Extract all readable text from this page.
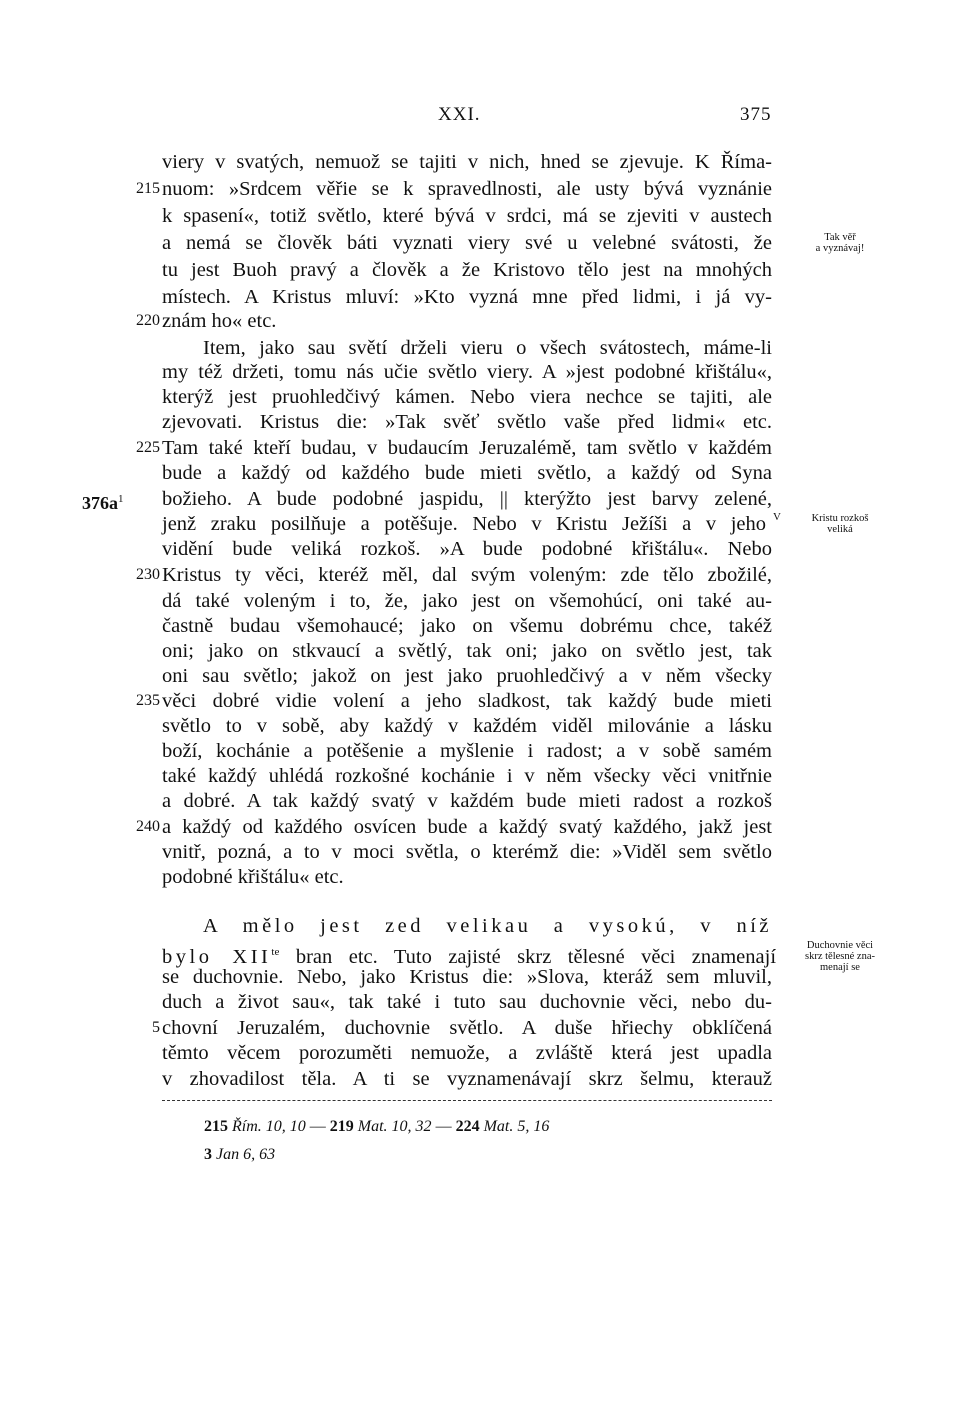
XXI.	375
viery v svatých, nemuož se tajiti v nich, hned se zjevuje. K Říma-
nuom: »Srdcem věřie se k spravedlnosti, ale usty bývá vyznánie
k spasení«, totiž světlo, které bývá v srdci, má se zjeviti v austech
a nemá se člověk báti vyznati viery své u velebné svátosti, že
tu jest Buoh pravý a člověk a že Kristovo tělo jest na mnohých
místech. A Kristus mluví: »Kto vyzná mne před lidmi, i já vy-
znám ho« etc.
Item, jako sau světí drželi vieru o všech svátostech, máme-li
my též držeti, tomu nás učie světlo viery. A »jest podobné křištálu«,
kterýž jest pruohledčivý kámen. Nebo viera nechce se tajiti, ale
zjevovati. Kristus die: »Tak svěť světlo vaše před lidmi« etc.
Tam také kteří budau, v budaucím Jeruzalémě, tam světlo v každém
bude a každý od každého bude mieti světlo, a každý od Syna
božieho. A bude podobné jaspidu, || kterýžto jest barvy zelené,
jenž zraku posilňuje a potěšuje. Nebo v Kristu Ježíši a v jeho
vidění bude veliká rozkoš. »A bude podobné křištálu«. Nebo
Kristus ty věci, kteréž měl, dal svým voleným: zde tělo zbožilé,
dá také voleným i to, že, jako jest on všemohúcí, oni také au-
častně budau všemohaucé; jako on všemu dobrému chce, takéž
oni; jako on stkvaucí a světlý, tak oni; jako on světlo jest, tak
oni sau světlo; jakož on jest jako pruohledčivý a v něm všecky
věci dobré vidie volení a jeho sladkost, tak každý bude mieti
světlo to v sobě, aby každý v každém viděl milovánie a lásku
boží, kochánie a potěšenie a myšlenie i radost; a v sobě samém
také každý uhlédá rozkošné kochánie i v něm všecky věci vnitřnie
a dobré. A tak každý svatý v každém bude mieti radost a rozkoš
a každý od každého osvícen bude a každý svatý každého, jakž jest
vnitř, pozná, a to v moci světla, o kterémž die: »Viděl sem světlo
podobné křištálu« etc.
215
220
225
230
235
240
$376a^1$
Tak věř
a vyznávaj!
V	Kristu rozkoš
veliká
Duchovnie věci
skrz tělesné zna-
menají se
A mělo jest zed velikau a vysokú, v níž
bylo $XII^{te}$ bran etc. Tuto zajisté skrz tělesné věci znamenají
se duchovnie. Nebo, jako Kristus die: »Slova, kteráž sem mluvil,
duch a život sau«, tak také i tuto sau duchovnie věci, nebo du-
chovní Jeruzalém, duchovnie světlo. A duše hřiechy obklíčená
těmto věcem porozuměti nemuože, a zvláště která jest upadla
v zhovadilost těla. A ti se vyznamenávají skrz šelmu, kterauž
5
215 Řím. 10, 10 — 219 Mat. 10, 32 — 224 Mat. 5, 16
3 Jan 6, 63
